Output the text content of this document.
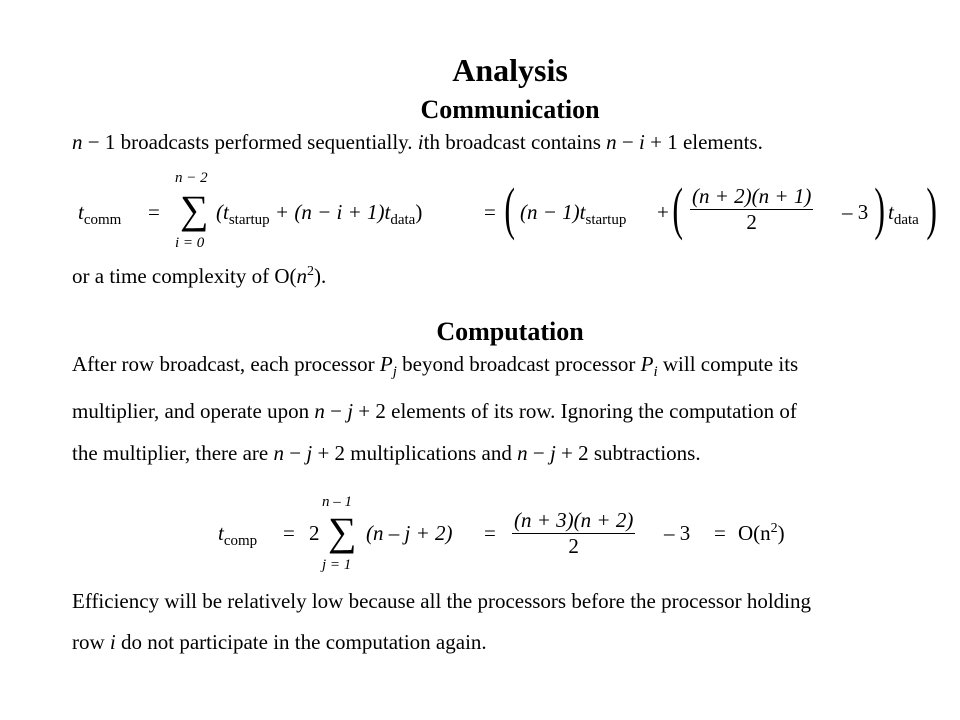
Analysis
Communication
n − 1 broadcasts performed sequentially. ith broadcast contains n − i + 1 elements.
$t_{comm}$ =
n − 2
∑
i = 0
$(t_{startup} + (n - i + 1)t_{data})$	= ( $(n - 1)t_{startup}$ + ( $\frac{(n + 2)(n + 1)}{2} - 3$ ) $t_{data}$ )
or a time complexity of $O(n^2)$.
Computation
After row broadcast, each processor $P_j$ beyond broadcast processor $P_i$ will compute its
multiplier, and operate upon n − j + 2 elements of its row. Ignoring the computation of
the multiplier, there are n − j + 2 multiplications and n − j + 2 subtractions.
$t_{comp} = 2$
n – 1
∑
j = 1
$(n - j + 2) = \frac{(n + 3)(n + 2)}{2} - 3 = O(n^2)$
Efficiency will be relatively low because all the processors before the processor holding
row i do not participate in the computation again.
